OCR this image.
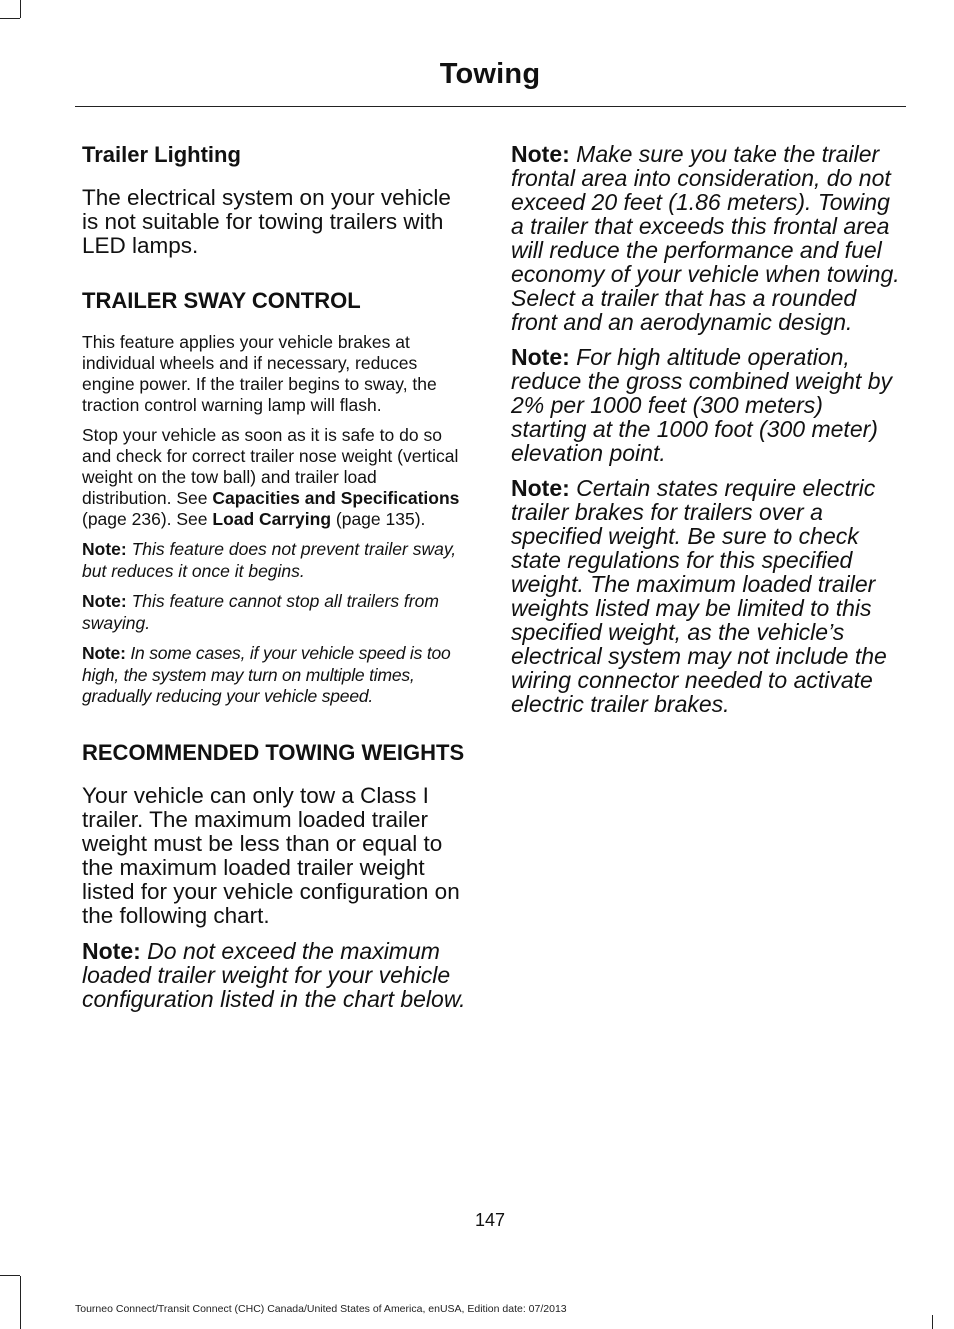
Towing
Trailer Lighting

The electrical system on your vehicle is not suitable for towing trailers with LED lamps.

TRAILER SWAY CONTROL

This feature applies your vehicle brakes at individual wheels and if necessary, reduces engine power. If the trailer begins to sway, the traction control warning lamp will flash.

Stop your vehicle as soon as it is safe to do so and check for correct trailer nose weight (vertical weight on the tow ball) and trailer load distribution. See Capacities and Specifications (page 236). See Load Carrying (page 135).

Note: This feature does not prevent trailer sway, but reduces it once it begins.

Note: This feature cannot stop all trailers from swaying.

Note: In some cases, if your vehicle speed is too high, the system may turn on multiple times, gradually reducing your vehicle speed.

RECOMMENDED TOWING WEIGHTS

Your vehicle can only tow a Class I trailer. The maximum loaded trailer weight must be less than or equal to the maximum loaded trailer weight listed for your vehicle configuration on the following chart.

Note: Do not exceed the maximum loaded trailer weight for your vehicle configuration listed in the chart below.

Note: Make sure you take the trailer frontal area into consideration, do not exceed 20 feet (1.86 meters). Towing a trailer that exceeds this frontal area will reduce the performance and fuel economy of your vehicle when towing. Select a trailer that has a rounded front and an aerodynamic design.

Note: For high altitude operation, reduce the gross combined weight by 2% per 1000 feet (300 meters) starting at the 1000 foot (300 meter) elevation point.

Note: Certain states require electric trailer brakes for trailers over a specified weight. Be sure to check state regulations for this specified weight. The maximum loaded trailer weights listed may be limited to this specified weight, as the vehicle’s electrical system may not include the wiring connector needed to activate electric trailer brakes.

147
Tourneo Connect/Transit Connect (CHC) Canada/United States of America, enUSA, Edition date: 07/2013
